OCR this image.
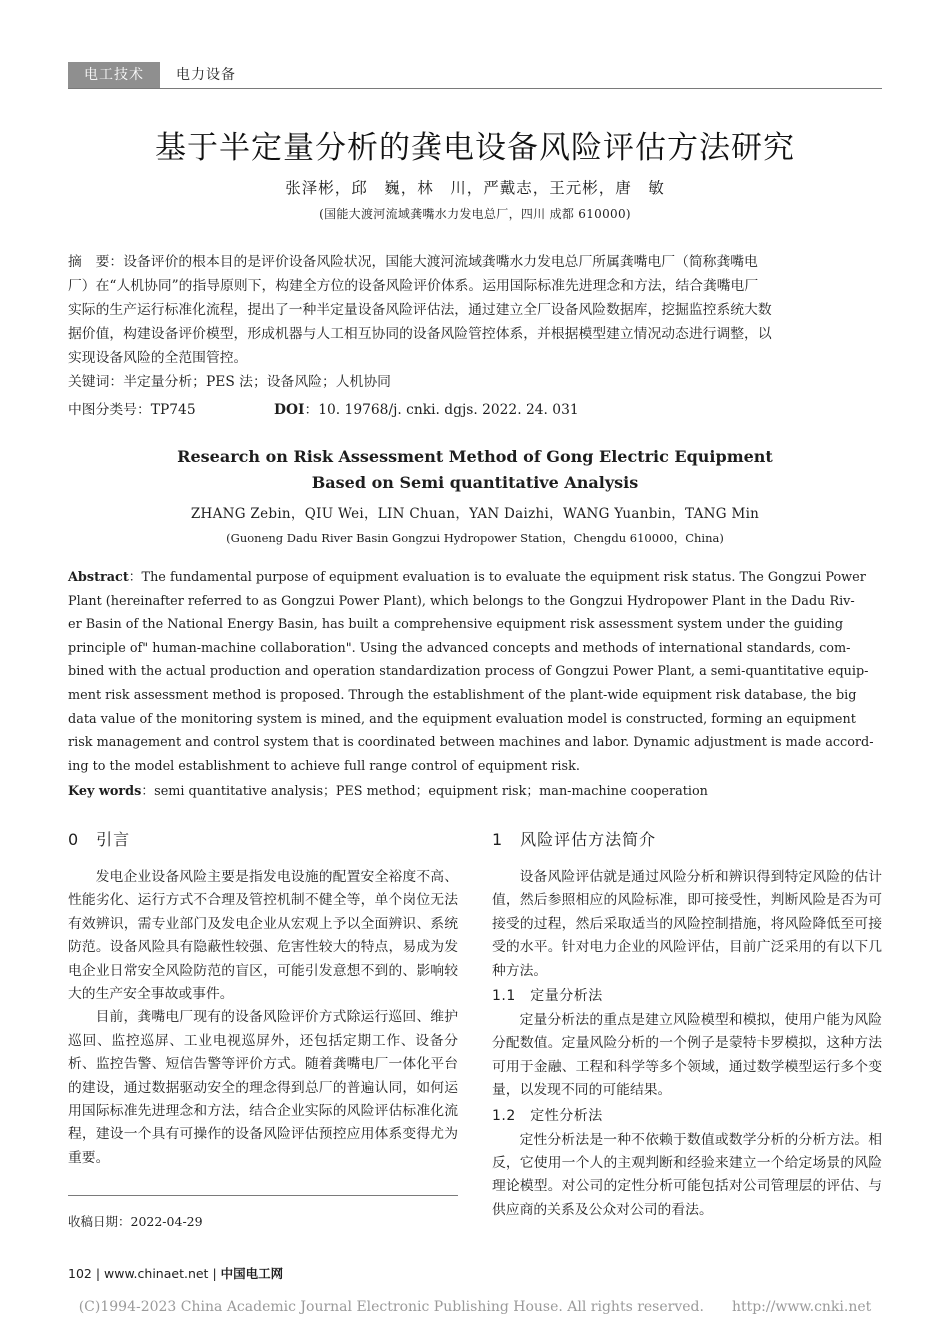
电工技术	电力设备
基于半定量分析的龚电设备风险评估方法研究
张泽彬，邱　巍，林　川，严戴志，王元彬，唐　敏
(国能大渡河流域龚嘴水力发电总厂，四川 成都 610000)
摘　要：设备评价的根本目的是评价设备风险状况，国能大渡河流域龚嘴水力发电总厂所属龚嘴电厂（简称龚嘴电
厂）在“人机协同”的指导原则下，构建全方位的设备风险评价体系。运用国际标准先进理念和方法，结合龚嘴电厂
实际的生产运行标准化流程，提出了一种半定量设备风险评估法，通过建立全厂设备风险数据库，挖掘监控系统大数
据价值，构建设备评价模型，形成机器与人工相互协同的设备风险管控体系，并根据模型建立情况动态进行调整，以
实现设备风险的全范围管控。
关键词：半定量分析；PES 法；设备风险；人机协同
中图分类号：TP745	DOI：10. 19768/j. cnki. dgjs. 2022. 24. 031
Research on Risk Assessment Method of Gong Electric Equipment
Based on Semi quantitative Analysis
ZHANG Zebin，QIU Wei，LIN Chuan，YAN Daizhi，WANG Yuanbin，TANG Min
(Guoneng Dadu River Basin Gongzui Hydropower Station，Chengdu 610000，China)
Abstract：The fundamental purpose of equipment evaluation is to evaluate the equipment risk status. The Gongzui Power
Plant (hereinafter referred to as Gongzui Power Plant), which belongs to the Gongzui Hydropower Plant in the Dadu Riv-
er Basin of the National Energy Basin, has built a comprehensive equipment risk assessment system under the guiding
principle of" human-machine collaboration". Using the advanced concepts and methods of international standards, com-
bined with the actual production and operation standardization process of Gongzui Power Plant, a semi-quantitative equip-
ment risk assessment method is proposed. Through the establishment of the plant-wide equipment risk database, the big
data value of the monitoring system is mined, and the equipment evaluation model is constructed, forming an equipment
risk management and control system that is coordinated between machines and labor. Dynamic adjustment is made accord-
ing to the model establishment to achieve full range control of equipment risk.
Key words：semi quantitative analysis；PES method；equipment risk；man-machine cooperation
0　引言

发电企业设备风险主要是指发电设施的配置安全裕度不高、性能劣化、运行方式不合理及管控机制不健全等，单个岗位无法有效辨识，需专业部门及发电企业从宏观上予以全面辨识、系统防范。设备风险具有隐蔽性较强、危害性较大的特点，易成为发电企业日常安全风险防范的盲区，可能引发意想不到的、影响较大的生产安全事故或事件。

目前，龚嘴电厂现有的设备风险评价方式除运行巡回、维护巡回、监控巡屏、工业电视巡屏外，还包括定期工作、设备分析、监控告警、短信告警等评价方式。随着龚嘴电厂一体化平台的建设，通过数据驱动安全的理念得到总厂的普遍认同，如何运用国际标准先进理念和方法，结合企业实际的风险评估标准化流程，建设一个具有可操作的设备风险评估预控应用体系变得尤为重要。

收稿日期：2022-04-29
1　风险评估方法简介

设备风险评估就是通过风险分析和辨识得到特定风险的估计值，然后参照相应的风险标准，即可接受性，判断风险是否为可接受的过程，然后采取适当的风险控制措施，将风险降低至可接受的水平。针对电力企业的风险评估，目前广泛采用的有以下几种方法。

1.1　定量分析法

定量分析法的重点是建立风险模型和模拟，使用户能为风险分配数值。定量风险分析的一个例子是蒙特卡罗模拟，这种方法可用于金融、工程和科学等多个领域，通过数学模型运行多个变量，以发现不同的可能结果。

1.2　定性分析法

定性分析法是一种不依赖于数值或数学分析的分析方法。相反，它使用一个人的主观判断和经验来建立一个给定场景的风险理论模型。对公司的定性分析可能包括对公司管理层的评估、与供应商的关系及公众对公司的看法。

102 | www.chinaet.net | 中国电工网
(C)1994-2023 China Academic Journal Electronic Publishing House. All rights reserved.　　http://www.cnki.net
